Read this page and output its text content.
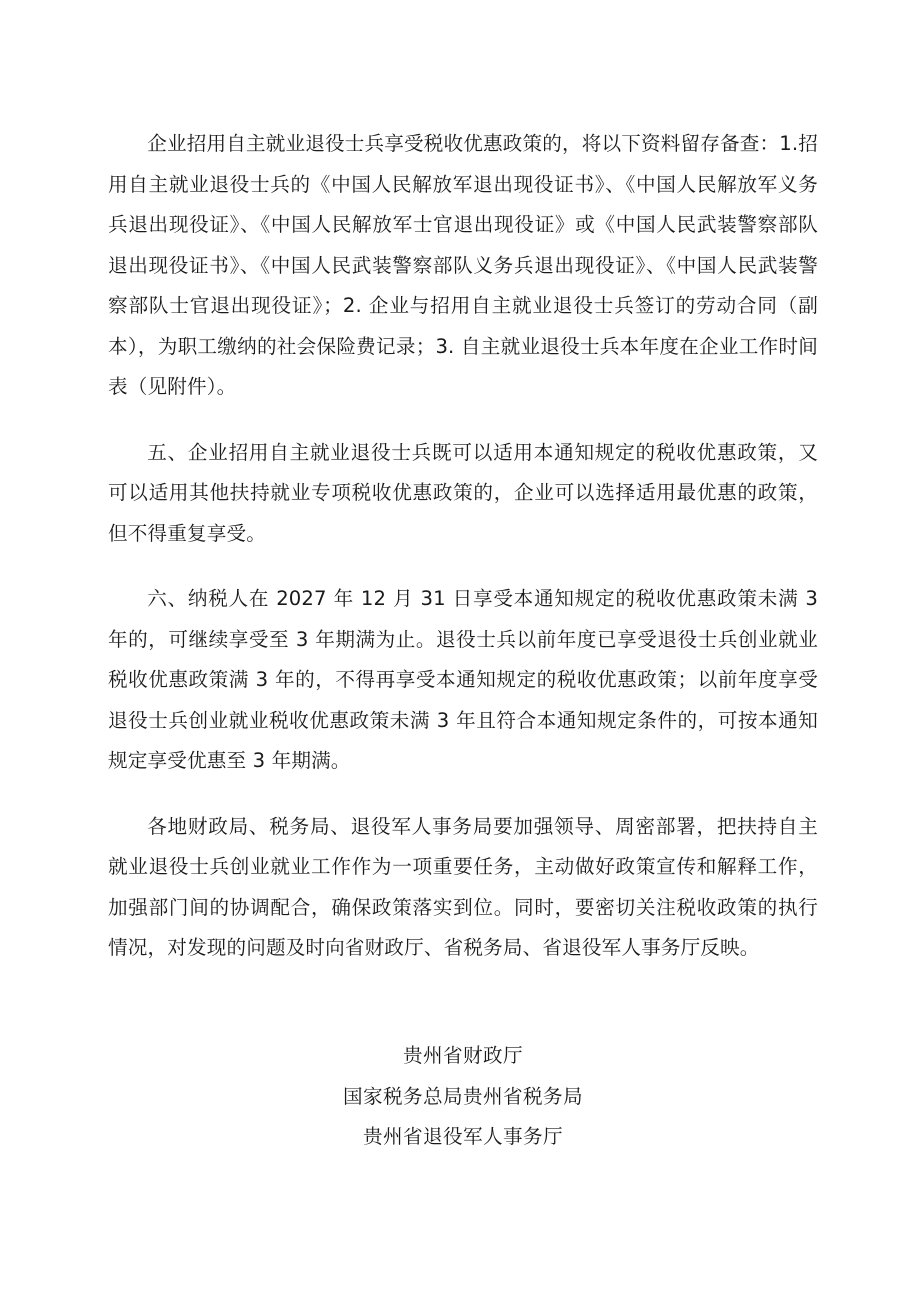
企业招用自主就业退役士兵享受税收优惠政策的，将以下资料留存备查：1.招用自主就业退役士兵的《中国人民解放军退出现役证书》、《中国人民解放军义务兵退出现役证》、《中国人民解放军士官退出现役证》或《中国人民武装警察部队退出现役证书》、《中国人民武装警察部队义务兵退出现役证》、《中国人民武装警察部队士官退出现役证》；2. 企业与招用自主就业退役士兵签订的劳动合同（副本），为职工缴纳的社会保险费记录；3. 自主就业退役士兵本年度在企业工作时间表（见附件）。

五、企业招用自主就业退役士兵既可以适用本通知规定的税收优惠政策，又可以适用其他扶持就业专项税收优惠政策的，企业可以选择适用最优惠的政策，但不得重复享受。

六、纳税人在 2027 年 12 月 31 日享受本通知规定的税收优惠政策未满 3 年的，可继续享受至 3 年期满为止。退役士兵以前年度已享受退役士兵创业就业税收优惠政策满 3 年的，不得再享受本通知规定的税收优惠政策；以前年度享受退役士兵创业就业税收优惠政策未满 3 年且符合本通知规定条件的，可按本通知规定享受优惠至 3 年期满。

各地财政局、税务局、退役军人事务局要加强领导、周密部署，把扶持自主就业退役士兵创业就业工作作为一项重要任务，主动做好政策宣传和解释工作，加强部门间的协调配合，确保政策落实到位。同时，要密切关注税收政策的执行情况，对发现的问题及时向省财政厅、省税务局、省退役军人事务厅反映。

贵州省财政厅
国家税务总局贵州省税务局
贵州省退役军人事务厅
